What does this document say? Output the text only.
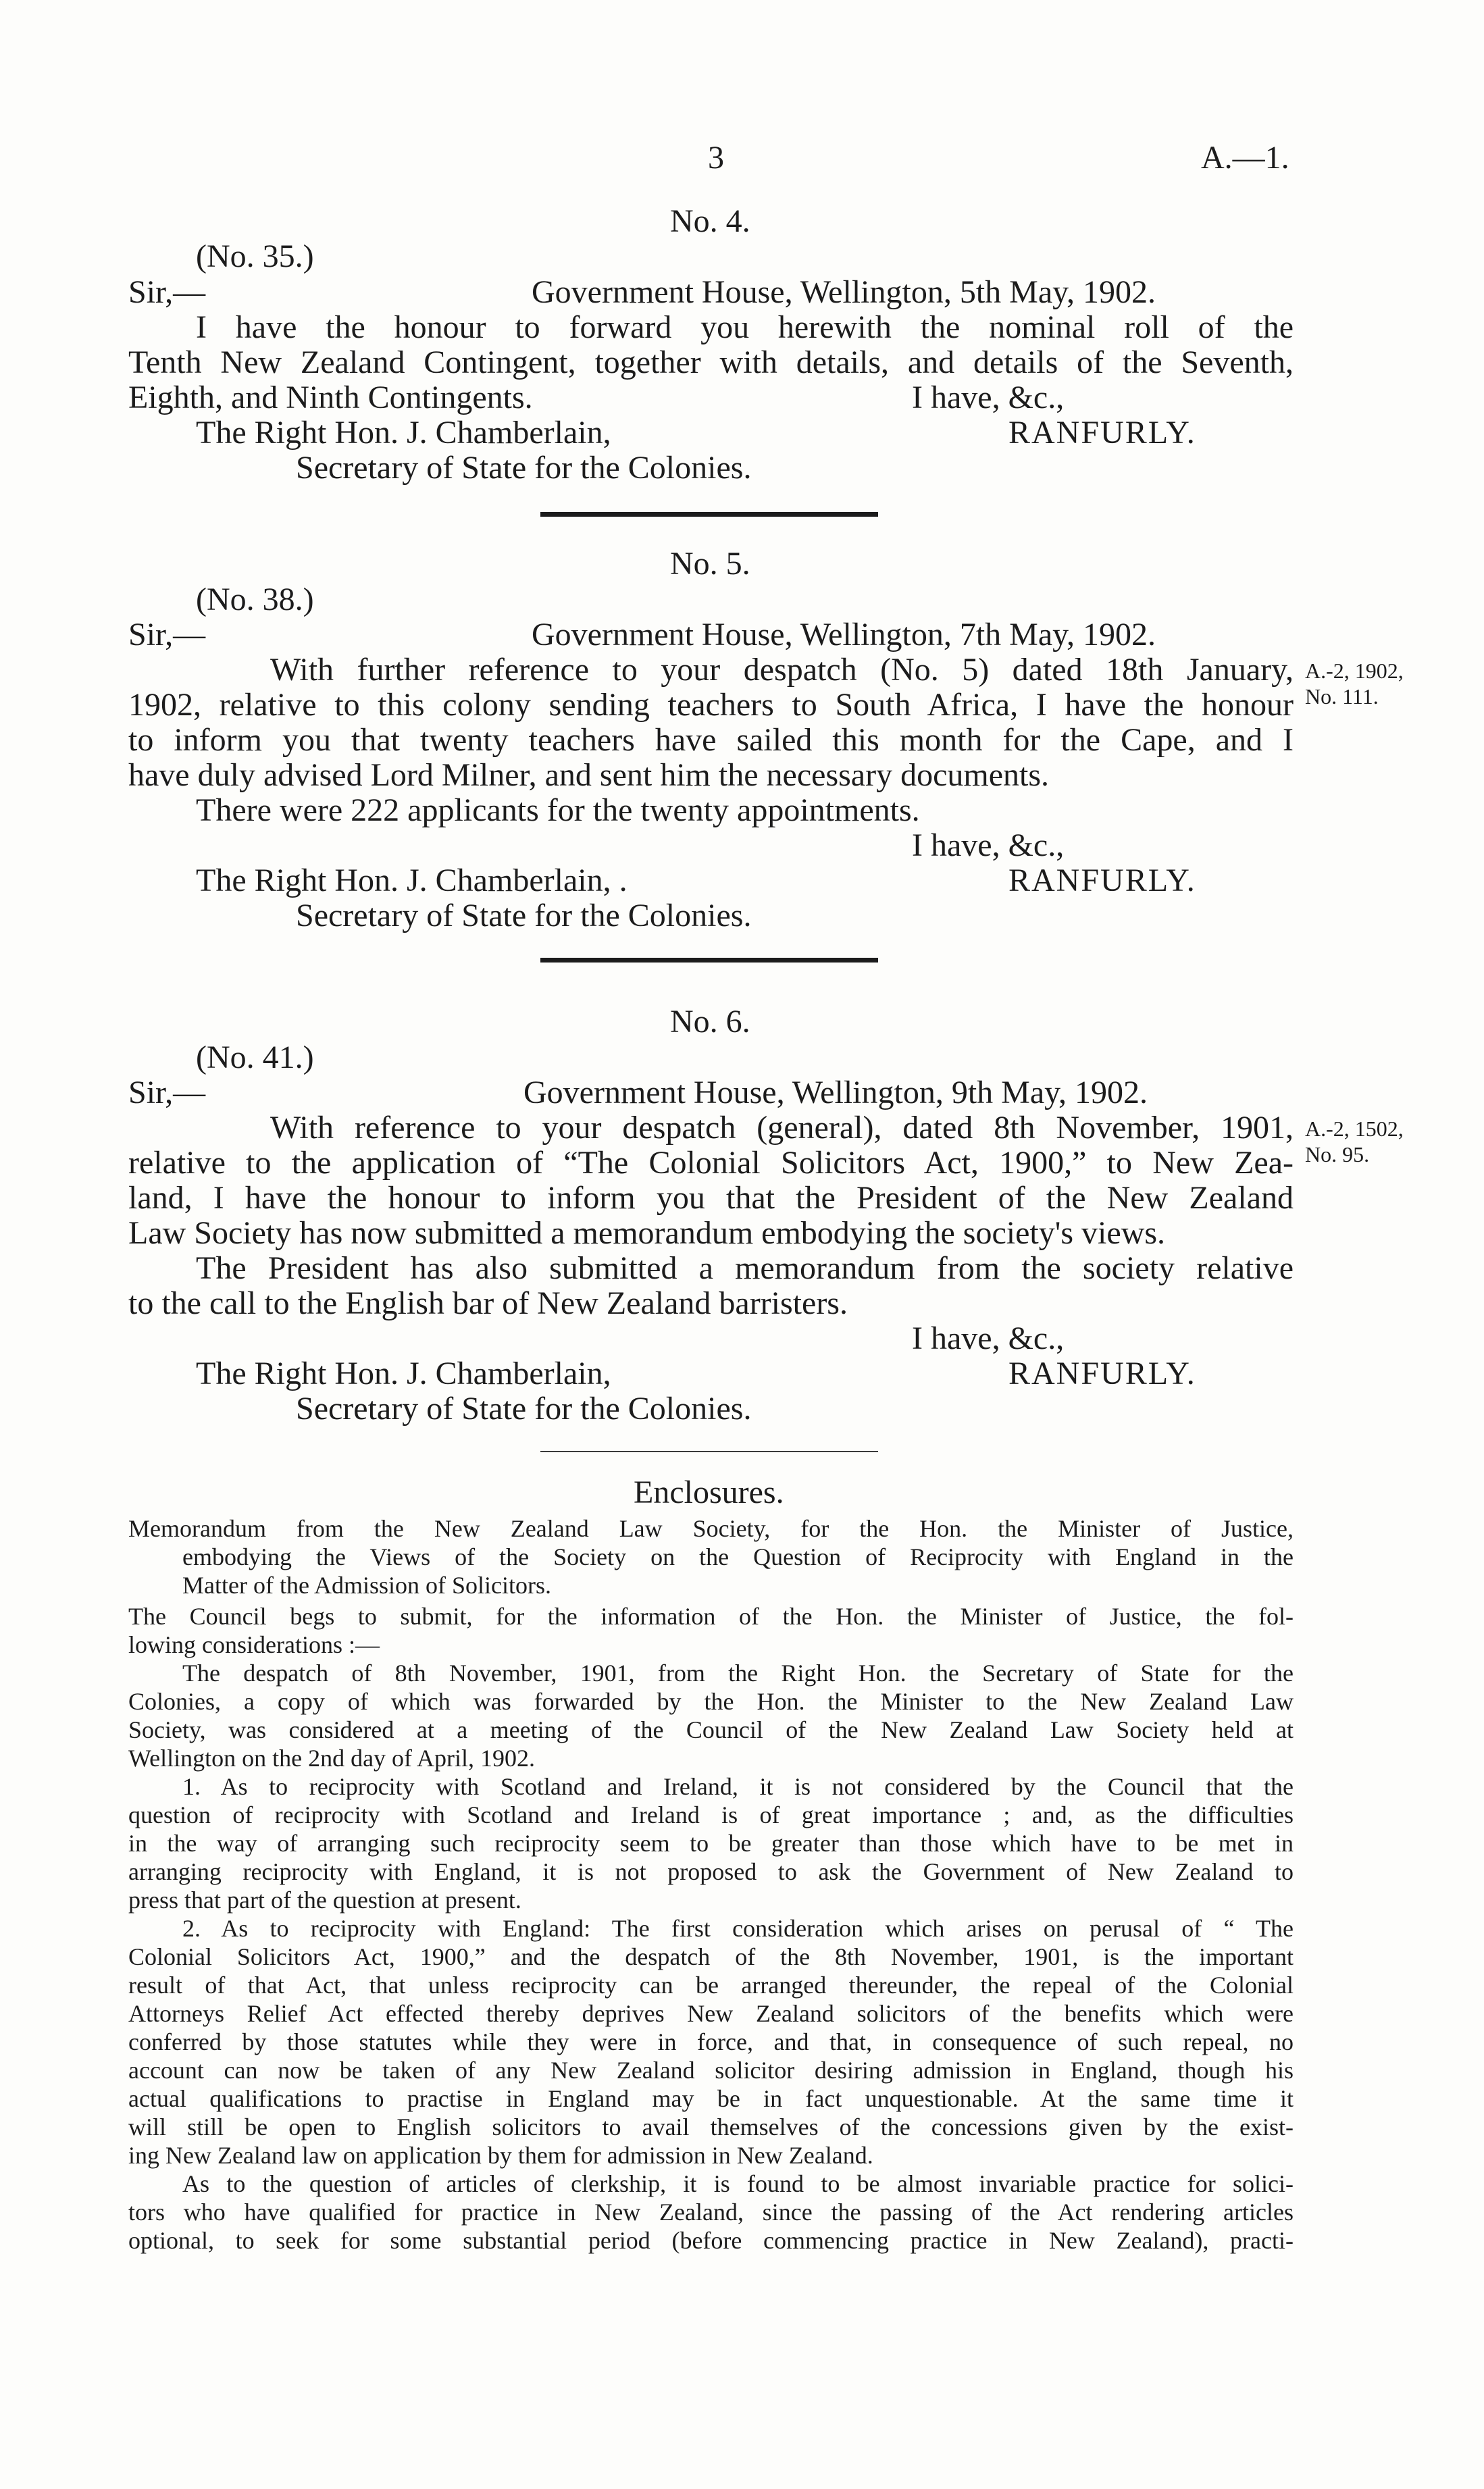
3	A.—1.
No. 4.
(No. 35.)
Sir,—	Government House, Wellington, 5th May, 1902.
I have the honour to forward you herewith the nominal roll of the
Tenth New Zealand Contingent, together with details, and details of the Seventh,
Eighth, and Ninth Contingents.	I have, &c.,
The Right Hon. J. Chamberlain,	RANFURLY.
Secretary of State for the Colonies.
No. 5.
(No. 38.)
Sir,—	Government House, Wellington, 7th May, 1902.
With further reference to your despatch (No. 5) dated 18th January,
1902, relative to this colony sending teachers to South Africa, I have the honour
to inform you that twenty teachers have sailed this month for the Cape, and I
have duly advised Lord Milner, and sent him the necessary documents.
There were 222 applicants for the twenty appointments.
A.-2, 1902,
No. 111.
I have, &c.,
The Right Hon. J. Chamberlain, .	RANFURLY.
Secretary of State for the Colonies.
No. 6.
(No. 41.)
Sir,—	Government House, Wellington, 9th May, 1902.
With reference to your despatch (general), dated 8th November, 1901,
relative to the application of “The Colonial Solicitors Act, 1900,” to New Zea-
land, I have the honour to inform you that the President of the New Zealand
Law Society has now submitted a memorandum embodying the society's views.
The President has also submitted a memorandum from the society relative
to the call to the English bar of New Zealand barristers.
A.-2, 1502,
No. 95.
I have, &c.,
The Right Hon. J. Chamberlain,	RANFURLY.
Secretary of State for the Colonies.
Enclosures.
Memorandum from the New Zealand Law Society, for the Hon. the Minister of Justice,
embodying the Views of the Society on the Question of Reciprocity with England in the
Matter of the Admission of Solicitors.
The Council begs to submit, for the information of the Hon. the Minister of Justice, the fol-
lowing considerations :—
The despatch of 8th November, 1901, from the Right Hon. the Secretary of State for the
Colonies, a copy of which was forwarded by the Hon. the Minister to the New Zealand Law
Society, was considered at a meeting of the Council of the New Zealand Law Society held at
Wellington on the 2nd day of April, 1902.
1. As to reciprocity with Scotland and Ireland, it is not considered by the Council that the
question of reciprocity with Scotland and Ireland is of great importance ; and, as the difficulties
in the way of arranging such reciprocity seem to be greater than those which have to be met in
arranging reciprocity with England, it is not proposed to ask the Government of New Zealand to
press that part of the question at present.
2. As to reciprocity with England: The first consideration which arises on perusal of “ The
Colonial Solicitors Act, 1900,” and the despatch of the 8th November, 1901, is the important
result of that Act, that unless reciprocity can be arranged thereunder, the repeal of the Colonial
Attorneys Relief Act effected thereby deprives New Zealand solicitors of the benefits which were
conferred by those statutes while they were in force, and that, in consequence of such repeal, no
account can now be taken of any New Zealand solicitor desiring admission in England, though his
actual qualifications to practise in England may be in fact unquestionable. At the same time it
will still be open to English solicitors to avail themselves of the concessions given by the exist-
ing New Zealand law on application by them for admission in New Zealand.
As to the question of articles of clerkship, it is found to be almost invariable practice for solici-
tors who have qualified for practice in New Zealand, since the passing of the Act rendering articles
optional, to seek for some substantial period (before commencing practice in New Zealand), practi-
